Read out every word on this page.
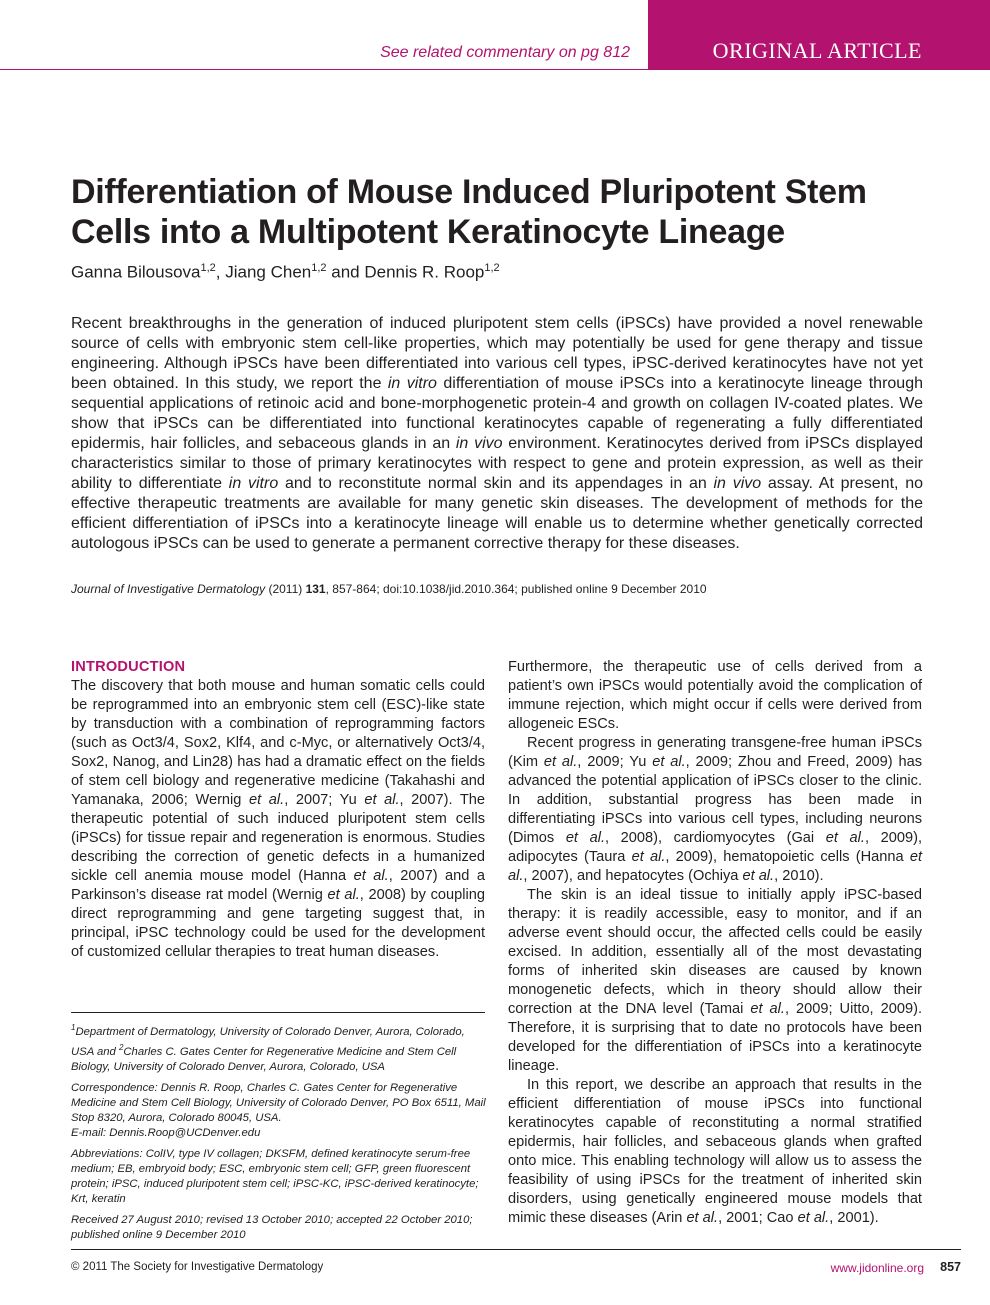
See related commentary on pg 812	ORIGINAL ARTICLE
Differentiation of Mouse Induced Pluripotent Stem Cells into a Multipotent Keratinocyte Lineage
Ganna Bilousova$^{1,2}$, Jiang Chen$^{1,2}$ and Dennis R. Roop$^{1,2}$

Recent breakthroughs in the generation of induced pluripotent stem cells (iPSCs) have provided a novel renewable source of cells with embryonic stem cell-like properties, which may potentially be used for gene therapy and tissue engineering. Although iPSCs have been differentiated into various cell types, iPSC-derived keratinocytes have not yet been obtained. In this study, we report the in vitro differentiation of mouse iPSCs into a keratinocyte lineage through sequential applications of retinoic acid and bone-morphogenetic protein-4 and growth on collagen IV-coated plates. We show that iPSCs can be differentiated into functional keratinocytes capable of regenerating a fully differentiated epidermis, hair follicles, and sebaceous glands in an in vivo environment. Keratinocytes derived from iPSCs displayed characteristics similar to those of primary keratinocytes with respect to gene and protein expression, as well as their ability to differentiate in vitro and to reconstitute normal skin and its appendages in an in vivo assay. At present, no effective therapeutic treatments are available for many genetic skin diseases. The development of methods for the efficient differentiation of iPSCs into a keratinocyte lineage will enable us to determine whether genetically corrected autologous iPSCs can be used to generate a permanent corrective therapy for these diseases.

Journal of Investigative Dermatology (2011) 131, 857-864; doi:10.1038/jid.2010.364; published online 9 December 2010
INTRODUCTION

The discovery that both mouse and human somatic cells could be reprogrammed into an embryonic stem cell (ESC)-like state by transduction with a combination of reprogramming factors (such as Oct3/4, Sox2, Klf4, and c-Myc, or alternatively Oct3/4, Sox2, Nanog, and Lin28) has had a dramatic effect on the fields of stem cell biology and regenerative medicine (Takahashi and Yamanaka, 2006; Wernig et al., 2007; Yu et al., 2007). The therapeutic potential of such induced pluripotent stem cells (iPSCs) for tissue repair and regeneration is enormous. Studies describing the correction of genetic defects in a humanized sickle cell anemia mouse model (Hanna et al., 2007) and a Parkinson’s disease rat model (Wernig et al., 2008) by coupling direct reprogramming and gene targeting suggest that, in principal, iPSC technology could be used for the development of customized cellular therapies to treat human diseases.

Furthermore, the therapeutic use of cells derived from a patient’s own iPSCs would potentially avoid the complication of immune rejection, which might occur if cells were derived from allogeneic ESCs.

Recent progress in generating transgene-free human iPSCs (Kim et al., 2009; Yu et al., 2009; Zhou and Freed, 2009) has advanced the potential application of iPSCs closer to the clinic. In addition, substantial progress has been made in differentiating iPSCs into various cell types, including neurons (Dimos et al., 2008), cardiomyocytes (Gai et al., 2009), adipocytes (Taura et al., 2009), hematopoietic cells (Hanna et al., 2007), and hepatocytes (Ochiya et al., 2010).

The skin is an ideal tissue to initially apply iPSC-based therapy: it is readily accessible, easy to monitor, and if an adverse event should occur, the affected cells could be easily excised. In addition, essentially all of the most devastating forms of inherited skin diseases are caused by known monogenetic defects, which in theory should allow their correction at the DNA level (Tamai et al., 2009; Uitto, 2009). Therefore, it is surprising that to date no protocols have been developed for the differentiation of iPSCs into a keratinocyte lineage.

In this report, we describe an approach that results in the efficient differentiation of mouse iPSCs into functional keratinocytes capable of reconstituting a normal stratified epidermis, hair follicles, and sebaceous glands when grafted onto mice. This enabling technology will allow us to assess the feasibility of using iPSCs for the treatment of inherited skin disorders, using genetically engineered mouse models that mimic these diseases (Arin et al., 2001; Cao et al., 2001).

$^1$Department of Dermatology, University of Colorado Denver, Aurora, Colorado, USA and $^2$Charles C. Gates Center for Regenerative Medicine and Stem Cell Biology, University of Colorado Denver, Aurora, Colorado, USA

Correspondence: Dennis R. Roop, Charles C. Gates Center for Regenerative Medicine and Stem Cell Biology, University of Colorado Denver, PO Box 6511, Mail Stop 8320, Aurora, Colorado 80045, USA.
E-mail: Dennis.Roop@UCDenver.edu

Abbreviations: ColIV, type IV collagen; DKSFM, defined keratinocyte serum-free medium; EB, embryoid body; ESC, embryonic stem cell; GFP, green fluorescent protein; iPSC, induced pluripotent stem cell; iPSC-KC, iPSC-derived keratinocyte; Krt, keratin

Received 27 August 2010; revised 13 October 2010; accepted 22 October 2010; published online 9 December 2010

© 2011 The Society for Investigative Dermatology	www.jidonline.org	857
